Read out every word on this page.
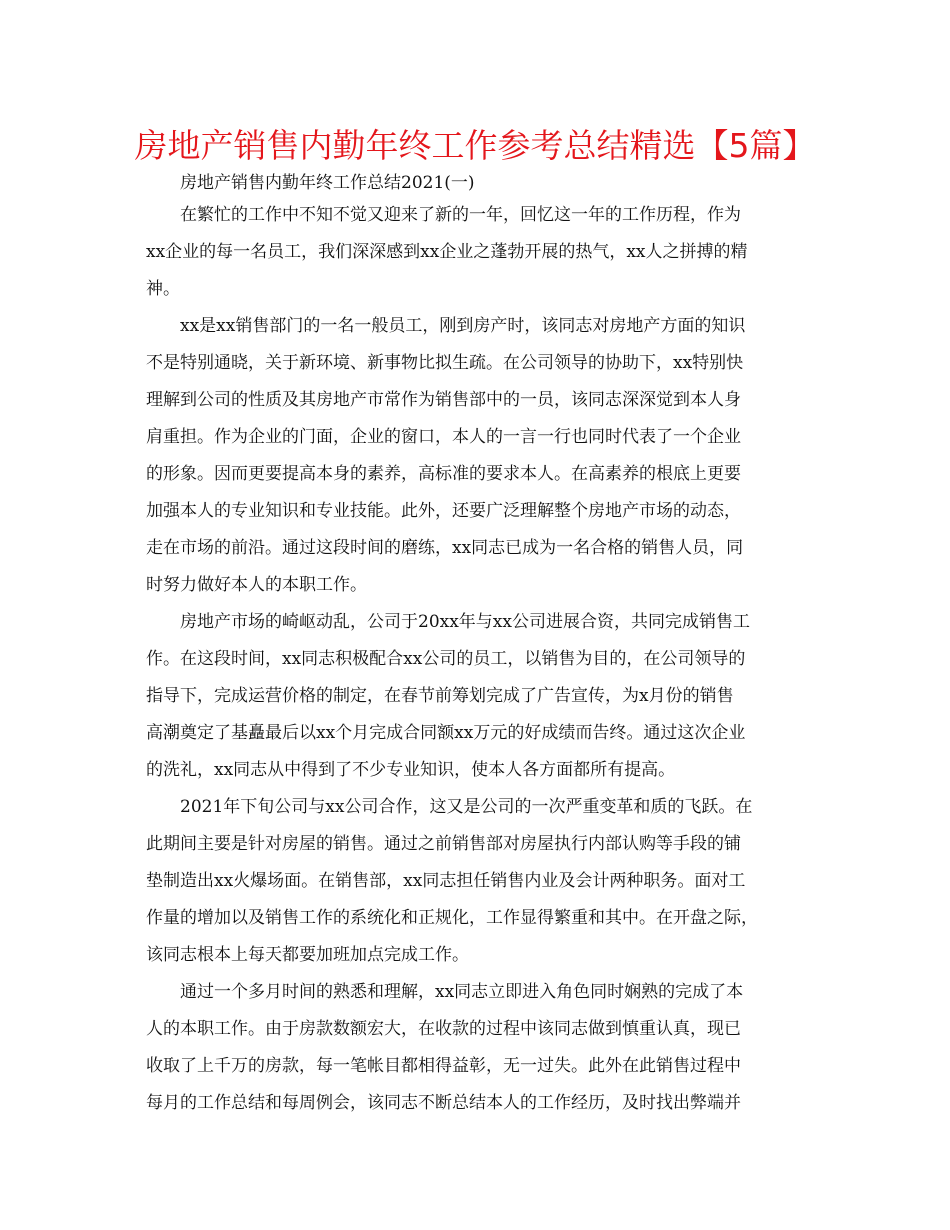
房地产销售内勤年终工作参考总结精选【5篇】
房地产销售内勤年终工作总结2021(一)
在繁忙的工作中不知不觉又迎来了新的一年，回忆这一年的工作历程，作为
xx企业的每一名员工，我们深深感到xx企业之蓬勃开展的热气，xx人之拼搏的精
神。
xx是xx销售部门的一名一般员工，刚到房产时，该同志对房地产方面的知识
不是特别通晓，关于新环境、新事物比拟生疏。在公司领导的协助下，xx特别快
理解到公司的性质及其房地产市常作为销售部中的一员，该同志深深觉到本人身
肩重担。作为企业的门面，企业的窗口，本人的一言一行也同时代表了一个企业
的形象。因而更要提高本身的素养，高标准的要求本人。在高素养的根底上更要
加强本人的专业知识和专业技能。此外，还要广泛理解整个房地产市场的动态，
走在市场的前沿。通过这段时间的磨练，xx同志已成为一名合格的销售人员，同
时努力做好本人的本职工作。
房地产市场的崎岖动乱，公司于20xx年与xx公司进展合资，共同完成销售工
作。在这段时间，xx同志积极配合xx公司的员工，以销售为目的，在公司领导的
指导下，完成运营价格的制定，在春节前筹划完成了广告宣传，为x月份的销售
高潮奠定了基矗最后以xx个月完成合同额xx万元的好成绩而告终。通过这次企业
的洗礼，xx同志从中得到了不少专业知识，使本人各方面都所有提高。
2021年下旬公司与xx公司合作，这又是公司的一次严重变革和质的飞跃。在
此期间主要是针对房屋的销售。通过之前销售部对房屋执行内部认购等手段的铺
垫制造出xx火爆场面。在销售部，xx同志担任销售内业及会计两种职务。面对工
作量的增加以及销售工作的系统化和正规化，工作显得繁重和其中。在开盘之际，
该同志根本上每天都要加班加点完成工作。
通过一个多月时间的熟悉和理解，xx同志立即进入角色同时娴熟的完成了本
人的本职工作。由于房款数额宏大，在收款的过程中该同志做到慎重认真，现已
收取了上千万的房款，每一笔帐目都相得益彰，无一过失。此外在此销售过程中
每月的工作总结和每周例会，该同志不断总结本人的工作经历，及时找出弊端并
